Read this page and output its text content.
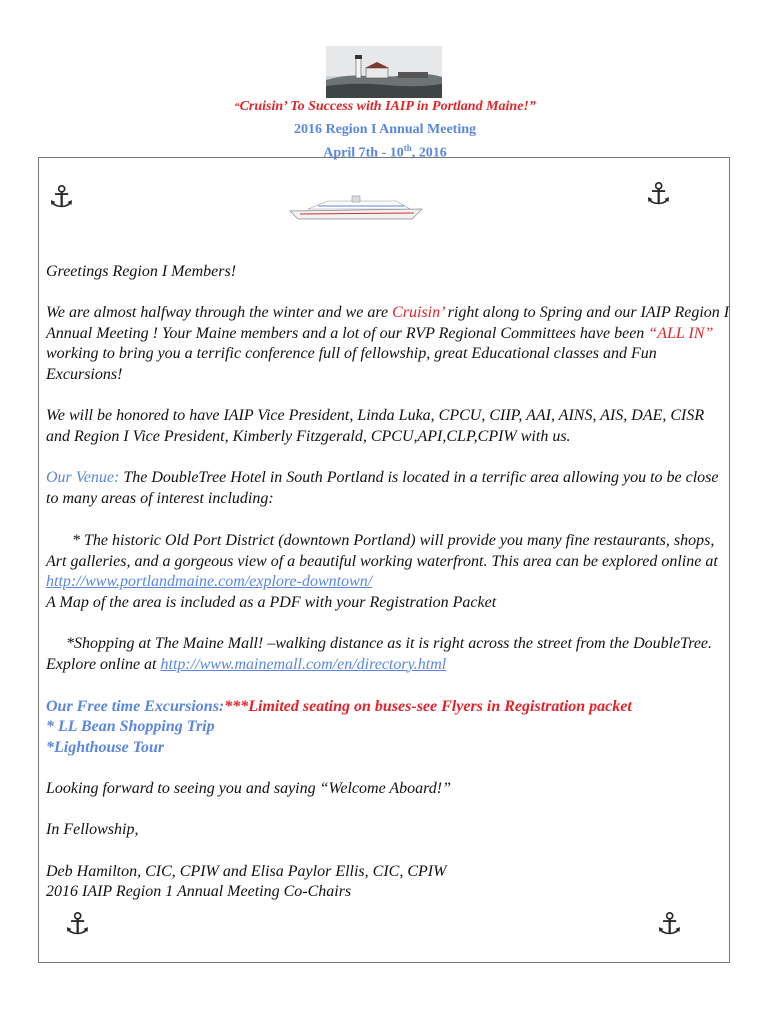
“Cruisin’ To Success with IAIP in Portland Maine!”
2016 Region I Annual Meeting
April 7th - 10th, 2016
⚓	⚓
⚓	⚓
Greetings Region I Members!
We are almost halfway through the winter and we are Cruisin’ right along to Spring and our IAIP Region I Annual Meeting ! Your Maine members and a lot of our RVP Regional Committees have been “ALL IN” working to bring you a terrific conference full of fellowship, great Educational classes and Fun Excursions!
We will be honored to have IAIP Vice President, Linda Luka, CPCU, CIIP, AAI, AINS, AIS, DAE, CISR and Region I Vice President, Kimberly Fitzgerald, CPCU,API,CLP,CPIW with us.
Our Venue: The DoubleTree Hotel in South Portland is located in a terrific area allowing you to be close to many areas of interest including:
* The historic Old Port District (downtown Portland) will provide you many fine restaurants, shops, Art galleries, and a gorgeous view of a beautiful working waterfront. This area can be explored online at http://www.portlandmaine.com/explore-downtown/
A Map of the area is included as a PDF with your Registration Packet
*Shopping at The Maine Mall! –walking distance as it is right across the street from the DoubleTree. Explore online at http://www.mainemall.com/en/directory.html
Our Free time Excursions:***Limited seating on buses-see Flyers in Registration packet
* LL Bean Shopping Trip
*Lighthouse Tour
Looking forward to seeing you and saying “Welcome Aboard!”
In Fellowship,
Deb Hamilton, CIC, CPIW and Elisa Paylor Ellis, CIC, CPIW
2016 IAIP Region 1 Annual Meeting Co-Chairs
